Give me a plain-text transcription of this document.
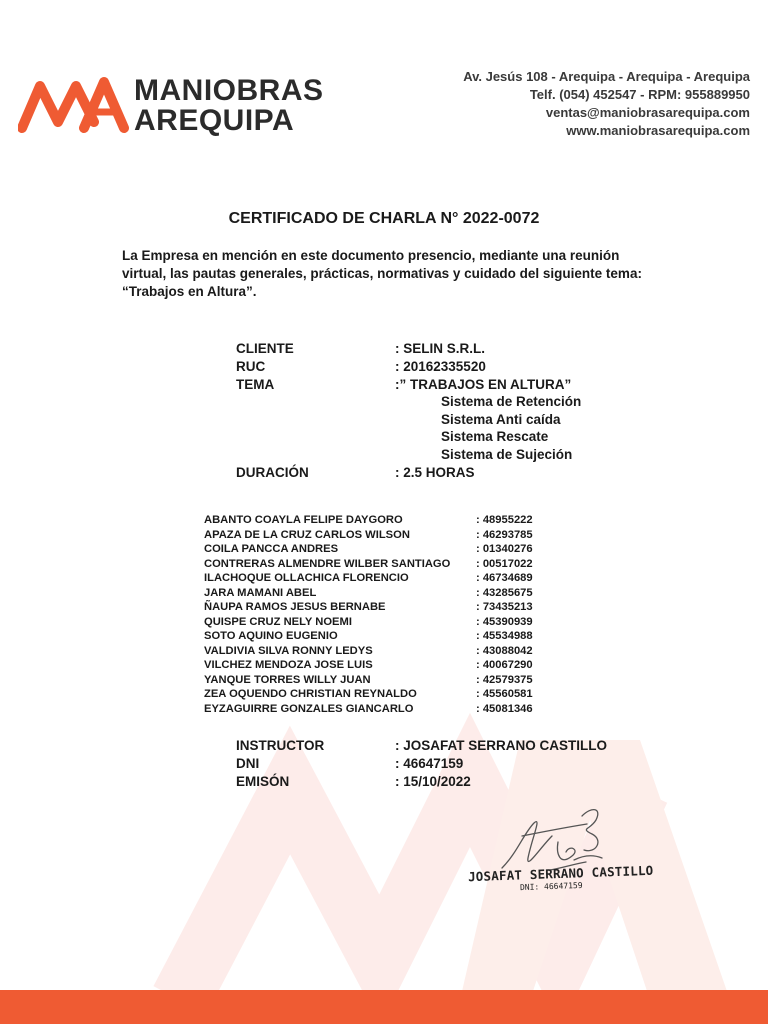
MANIOBRAS
AREQUIPA
Av. Jesús 108 - Arequipa - Arequipa - Arequipa
Telf. (054) 452547 - RPM: 955889950
ventas@maniobrasarequipa.com
www.maniobrasarequipa.com
CERTIFICADO DE CHARLA N° 2022-0072
La Empresa en mención en este documento presencio, mediante una reunión virtual, las pautas generales, prácticas, normativas y cuidado del siguiente tema: “Trabajos en Altura”.
CLIENTE	: SELIN S.R.L.
RUC	: 20162335520
TEMA	:” TRABAJOS EN ALTURA”
Sistema de Retención
Sistema Anti caída
Sistema Rescate
Sistema de Sujeción
DURACIÓN	: 2.5 HORAS
ABANTO COAYLA FELIPE DAYGORO	: 48955222
APAZA DE LA CRUZ CARLOS WILSON	: 46293785
COILA PANCCA ANDRES	: 01340276
CONTRERAS ALMENDRE WILBER SANTIAGO : 00517022
ILACHOQUE OLLACHICA FLORENCIO	: 46734689
JARA MAMANI ABEL	: 43285675
ÑAUPA RAMOS JESUS BERNABE	: 73435213
QUISPE CRUZ NELY NOEMI	: 45390939
SOTO AQUINO EUGENIO	: 45534988
VALDIVIA SILVA RONNY LEDYS	: 43088042
VILCHEZ MENDOZA JOSE LUIS	: 40067290
YANQUE TORRES WILLY JUAN	: 42579375
ZEA OQUENDO CHRISTIAN REYNALDO	: 45560581
EYZAGUIRRE GONZALES GIANCARLO	: 45081346
INSTRUCTOR	: JOSAFAT SERRANO CASTILLO
DNI	: 46647159
EMISÓN	: 15/10/2022
JOSAFAT SERRANO CASTILLO
DNI: 46647159
